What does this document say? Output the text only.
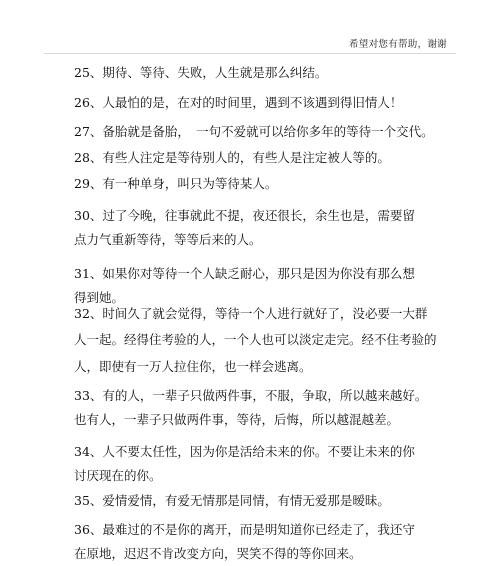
希望对您有帮助，谢谢
25、期待、等待、失败，人生就是那么纠结。
26、人最怕的是，在对的时间里，遇到不该遇到得旧情人！
27、备胎就是备胎，　一句不爱就可以给你多年的等待一个交代。
28、有些人注定是等待别人的，有些人是注定被人等的。
29、有一种单身，叫只为等待某人。
30、过了今晚，往事就此不提，夜还很长，余生也是，需要留
点力气重新等待，等等后来的人。
31、如果你对等待一个人缺乏耐心，那只是因为你没有那么想
得到她。
32、时间久了就会觉得，等待一个人进行就好了，没必要一大群
人一起。经得住考验的人，一个人也可以淡定走完。经不住考验的
人，即使有一万人拉住你，也一样会逃离。
33、有的人，一辈子只做两件事，不服，争取，所以越来越好。
也有人，一辈子只做两件事，等待，后悔，所以越混越差。
34、人不要太任性，因为你是活给未来的你。不要让未来的你
讨厌现在的你。
35、爱情爱情，有爱无情那是同情，有情无爱那是暧昧。
36、最难过的不是你的离开，而是明知道你已经走了，我还守
在原地，迟迟不肯改变方向，哭笑不得的等你回来。
